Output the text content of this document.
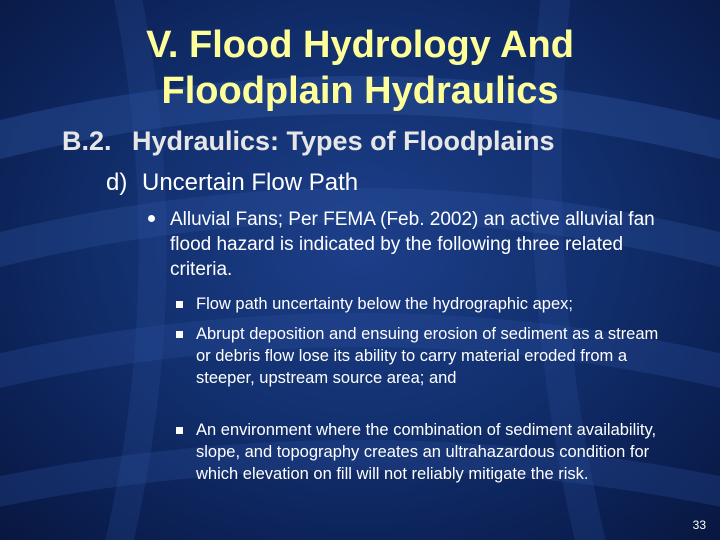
V. Flood Hydrology And
Floodplain Hydraulics
B.2. Hydraulics: Types of Floodplains
d) Uncertain Flow Path
Alluvial Fans; Per FEMA (Feb. 2002) an active alluvial fan flood hazard is indicated by the following three related criteria.
Flow path uncertainty below the hydrographic apex;
Abrupt deposition and ensuing erosion of sediment as a stream or debris flow lose its ability to carry material eroded from a steeper, upstream source area; and
An environment where the combination of sediment availability, slope, and topography creates an ultrahazardous condition for which elevation on fill will not reliably mitigate the risk.
33
